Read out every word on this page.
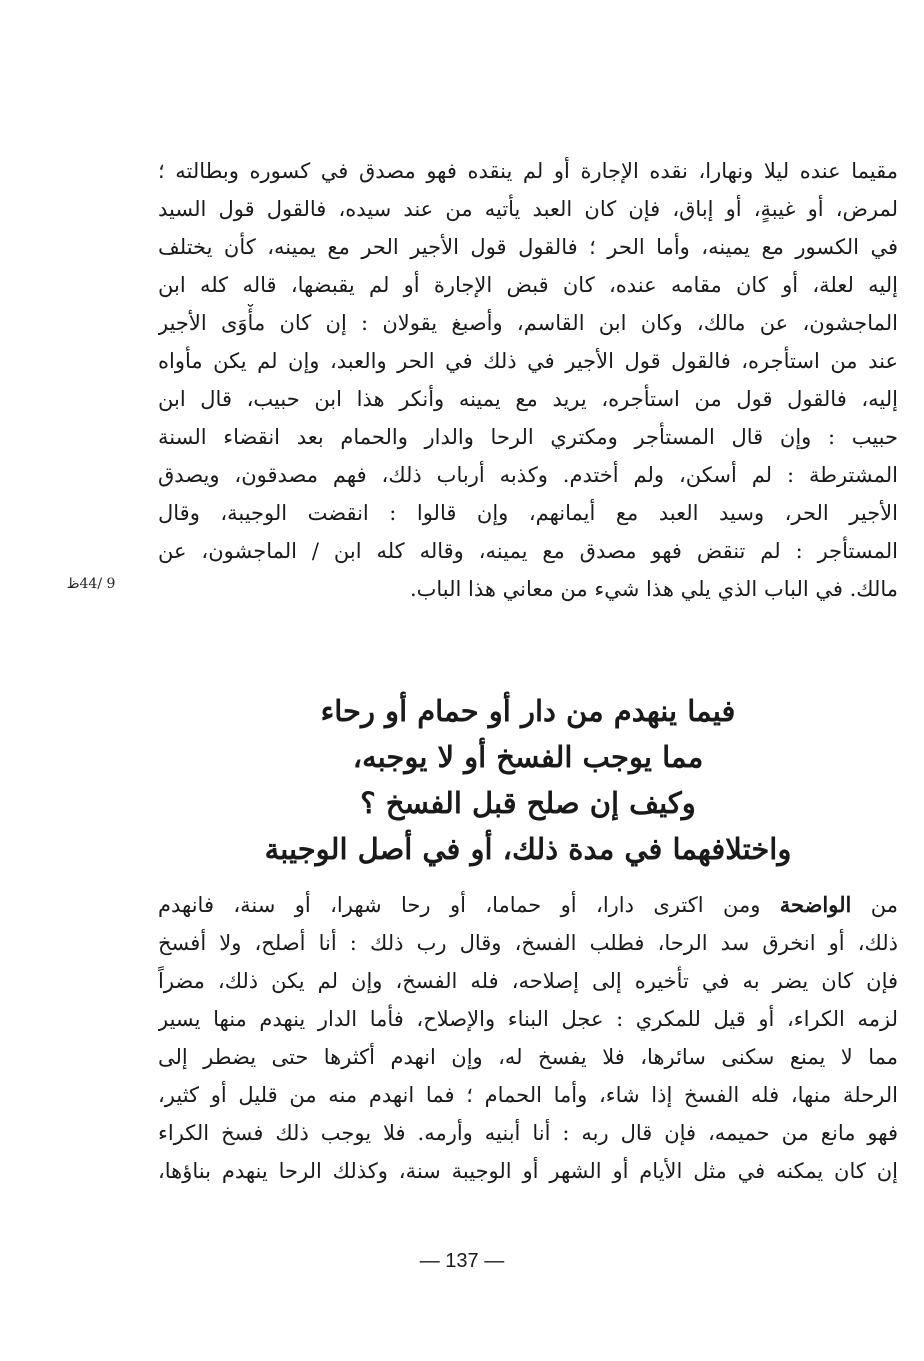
مقيما عنده ليلا ونهارا، نقده الإجارة أو لم ينقده فهو مصدق في كسوره وبطالته ؛
لمرض، أو غيبةٍ، أو إباق، فإن كان العبد يأتيه من عند سيده، فالقول قول السيد
في الكسور مع يمينه، وأما الحر ؛ فالقول قول الأجير الحر مع يمينه، كأن يختلف
إليه لعلة، أو كان مقامه عنده، كان قبض الإجارة أو لم يقبضها، قاله كله ابن
الماجشون، عن مالك، وكان ابن القاسم، وأصبغ يقولان : إن كان مأْوَى الأجير
عند من استأجره، فالقول قول الأجير في ذلك في الحر والعبد، وإن لم يكن مأواه
إليه، فالقول قول من استأجره، يريد مع يمينه وأنكر هذا ابن حبيب، قال ابن
حبيب : وإن قال المستأجر ومكتري الرحا والدار والحمام بعد انقضاء السنة
المشترطة : لم أسكن، ولم أختدم. وكذبه أرباب ذلك، فهم مصدقون، ويصدق
الأجير الحر، وسيد العبد مع أيمانهم، وإن قالوا : انقضت الوجيبة، وقال
المستأجر : لم تنقض فهو مصدق مع يمينه، وقاله كله ابن / الماجشون، عن
مالك. في الباب الذي يلي هذا شيء من معاني هذا الباب.
9 /44ظ
فيما ينهدم من دار أو حمام أو رحاء
مما يوجب الفسخ أو لا يوجبه،
وكيف إن صلح قبل الفسخ ؟
واختلافهما في مدة ذلك، أو في أصل الوجيبة
من الواضحة ومن اكترى دارا، أو حماما، أو رحا شهرا، أو سنة، فانهدم
ذلك، أو انخرق سد الرحا، فطلب الفسخ، وقال رب ذلك : أنا أصلح، ولا أفسخ
فإن كان يضر به في تأخيره إلى إصلاحه، فله الفسخ، وإن لم يكن ذلك، مضراً
لزمه الكراء، أو قيل للمكري : عجل البناء والإصلاح، فأما الدار ينهدم منها يسير
مما لا يمنع سكنى سائرها، فلا يفسخ له، وإن انهدم أكثرها حتى يضطر إلى
الرحلة منها، فله الفسخ إذا شاء، وأما الحمام ؛ فما انهدم منه من قليل أو كثير،
فهو مانع من حميمه، فإن قال ربه : أنا أبنيه وأرمه. فلا يوجب ذلك فسخ الكراء
إن كان يمكنه في مثل الأيام أو الشهر أو الوجيبة سنة، وكذلك الرحا ينهدم بناؤها،
— 137 —
